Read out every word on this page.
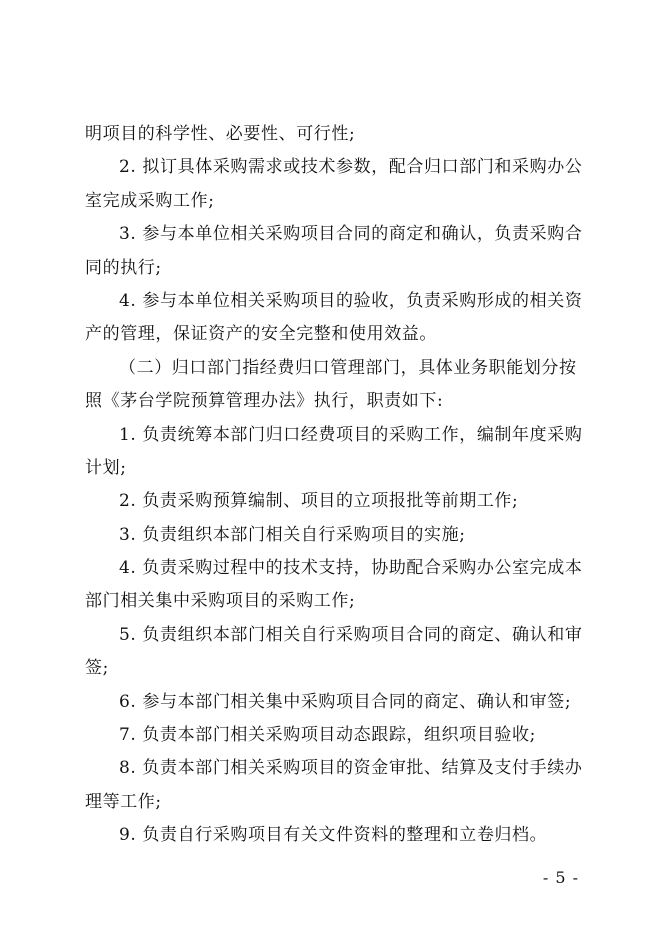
明项目的科学性、必要性、可行性;
2. 拟订具体采购需求或技术参数，配合归口部门和采购办公
室完成采购工作;
3. 参与本单位相关采购项目合同的商定和确认，负责采购合
同的执行;
4. 参与本单位相关采购项目的验收，负责采购形成的相关资
产的管理，保证资产的安全完整和使用效益。
（二）归口部门指经费归口管理部门，具体业务职能划分按
照《茅台学院预算管理办法》执行，职责如下:
1. 负责统筹本部门归口经费项目的采购工作，编制年度采购
计划;
2. 负责采购预算编制、项目的立项报批等前期工作;
3. 负责组织本部门相关自行采购项目的实施;
4. 负责采购过程中的技术支持，协助配合采购办公室完成本
部门相关集中采购项目的采购工作;
5. 负责组织本部门相关自行采购项目合同的商定、确认和审
签;
6. 参与本部门相关集中采购项目合同的商定、确认和审签;
7. 负责本部门相关采购项目动态跟踪，组织项目验收;
8. 负责本部门相关采购项目的资金审批、结算及支付手续办
理等工作;
9. 负责自行采购项目有关文件资料的整理和立卷归档。
- 5 -
